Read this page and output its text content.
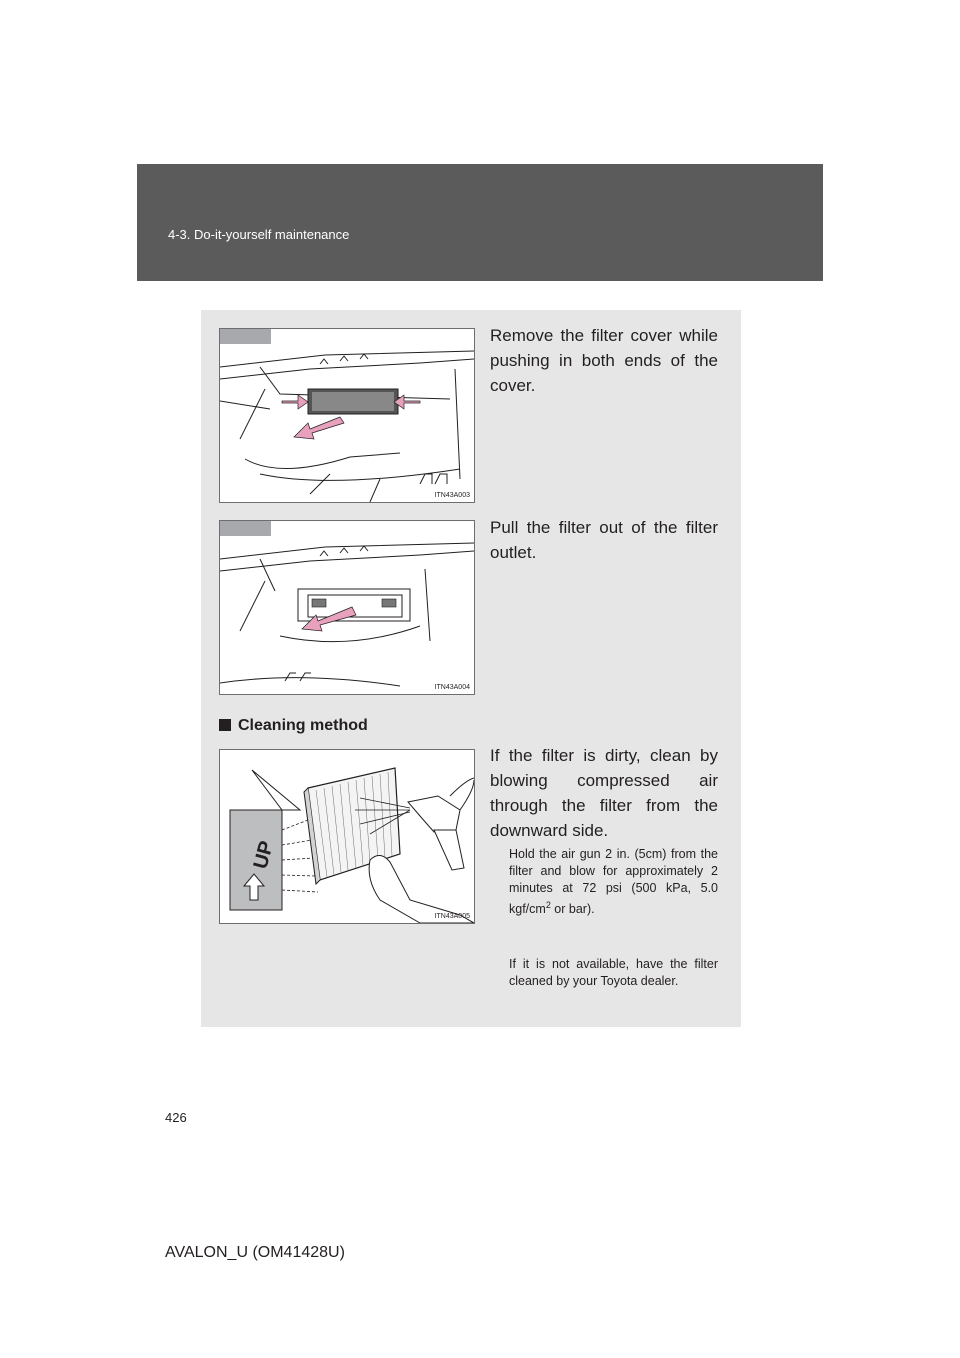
4-3. Do-it-yourself maintenance
ITN43A003

Remove the filter cover while pushing in both ends of the cover.

ITN43A004

Pull the filter out of the filter outlet.

Cleaning method

UP
ITN43A005

If the filter is dirty, clean by blowing compressed air through the filter from the downward side.

Hold the air gun 2 in. (5cm) from the filter and blow for approximately 2 minutes at 72 psi (500 kPa, 5.0 kgf/$cm^2$ or bar).

If it is not available, have the filter cleaned by your Toyota dealer.

426
AVALON_U (OM41428U)
